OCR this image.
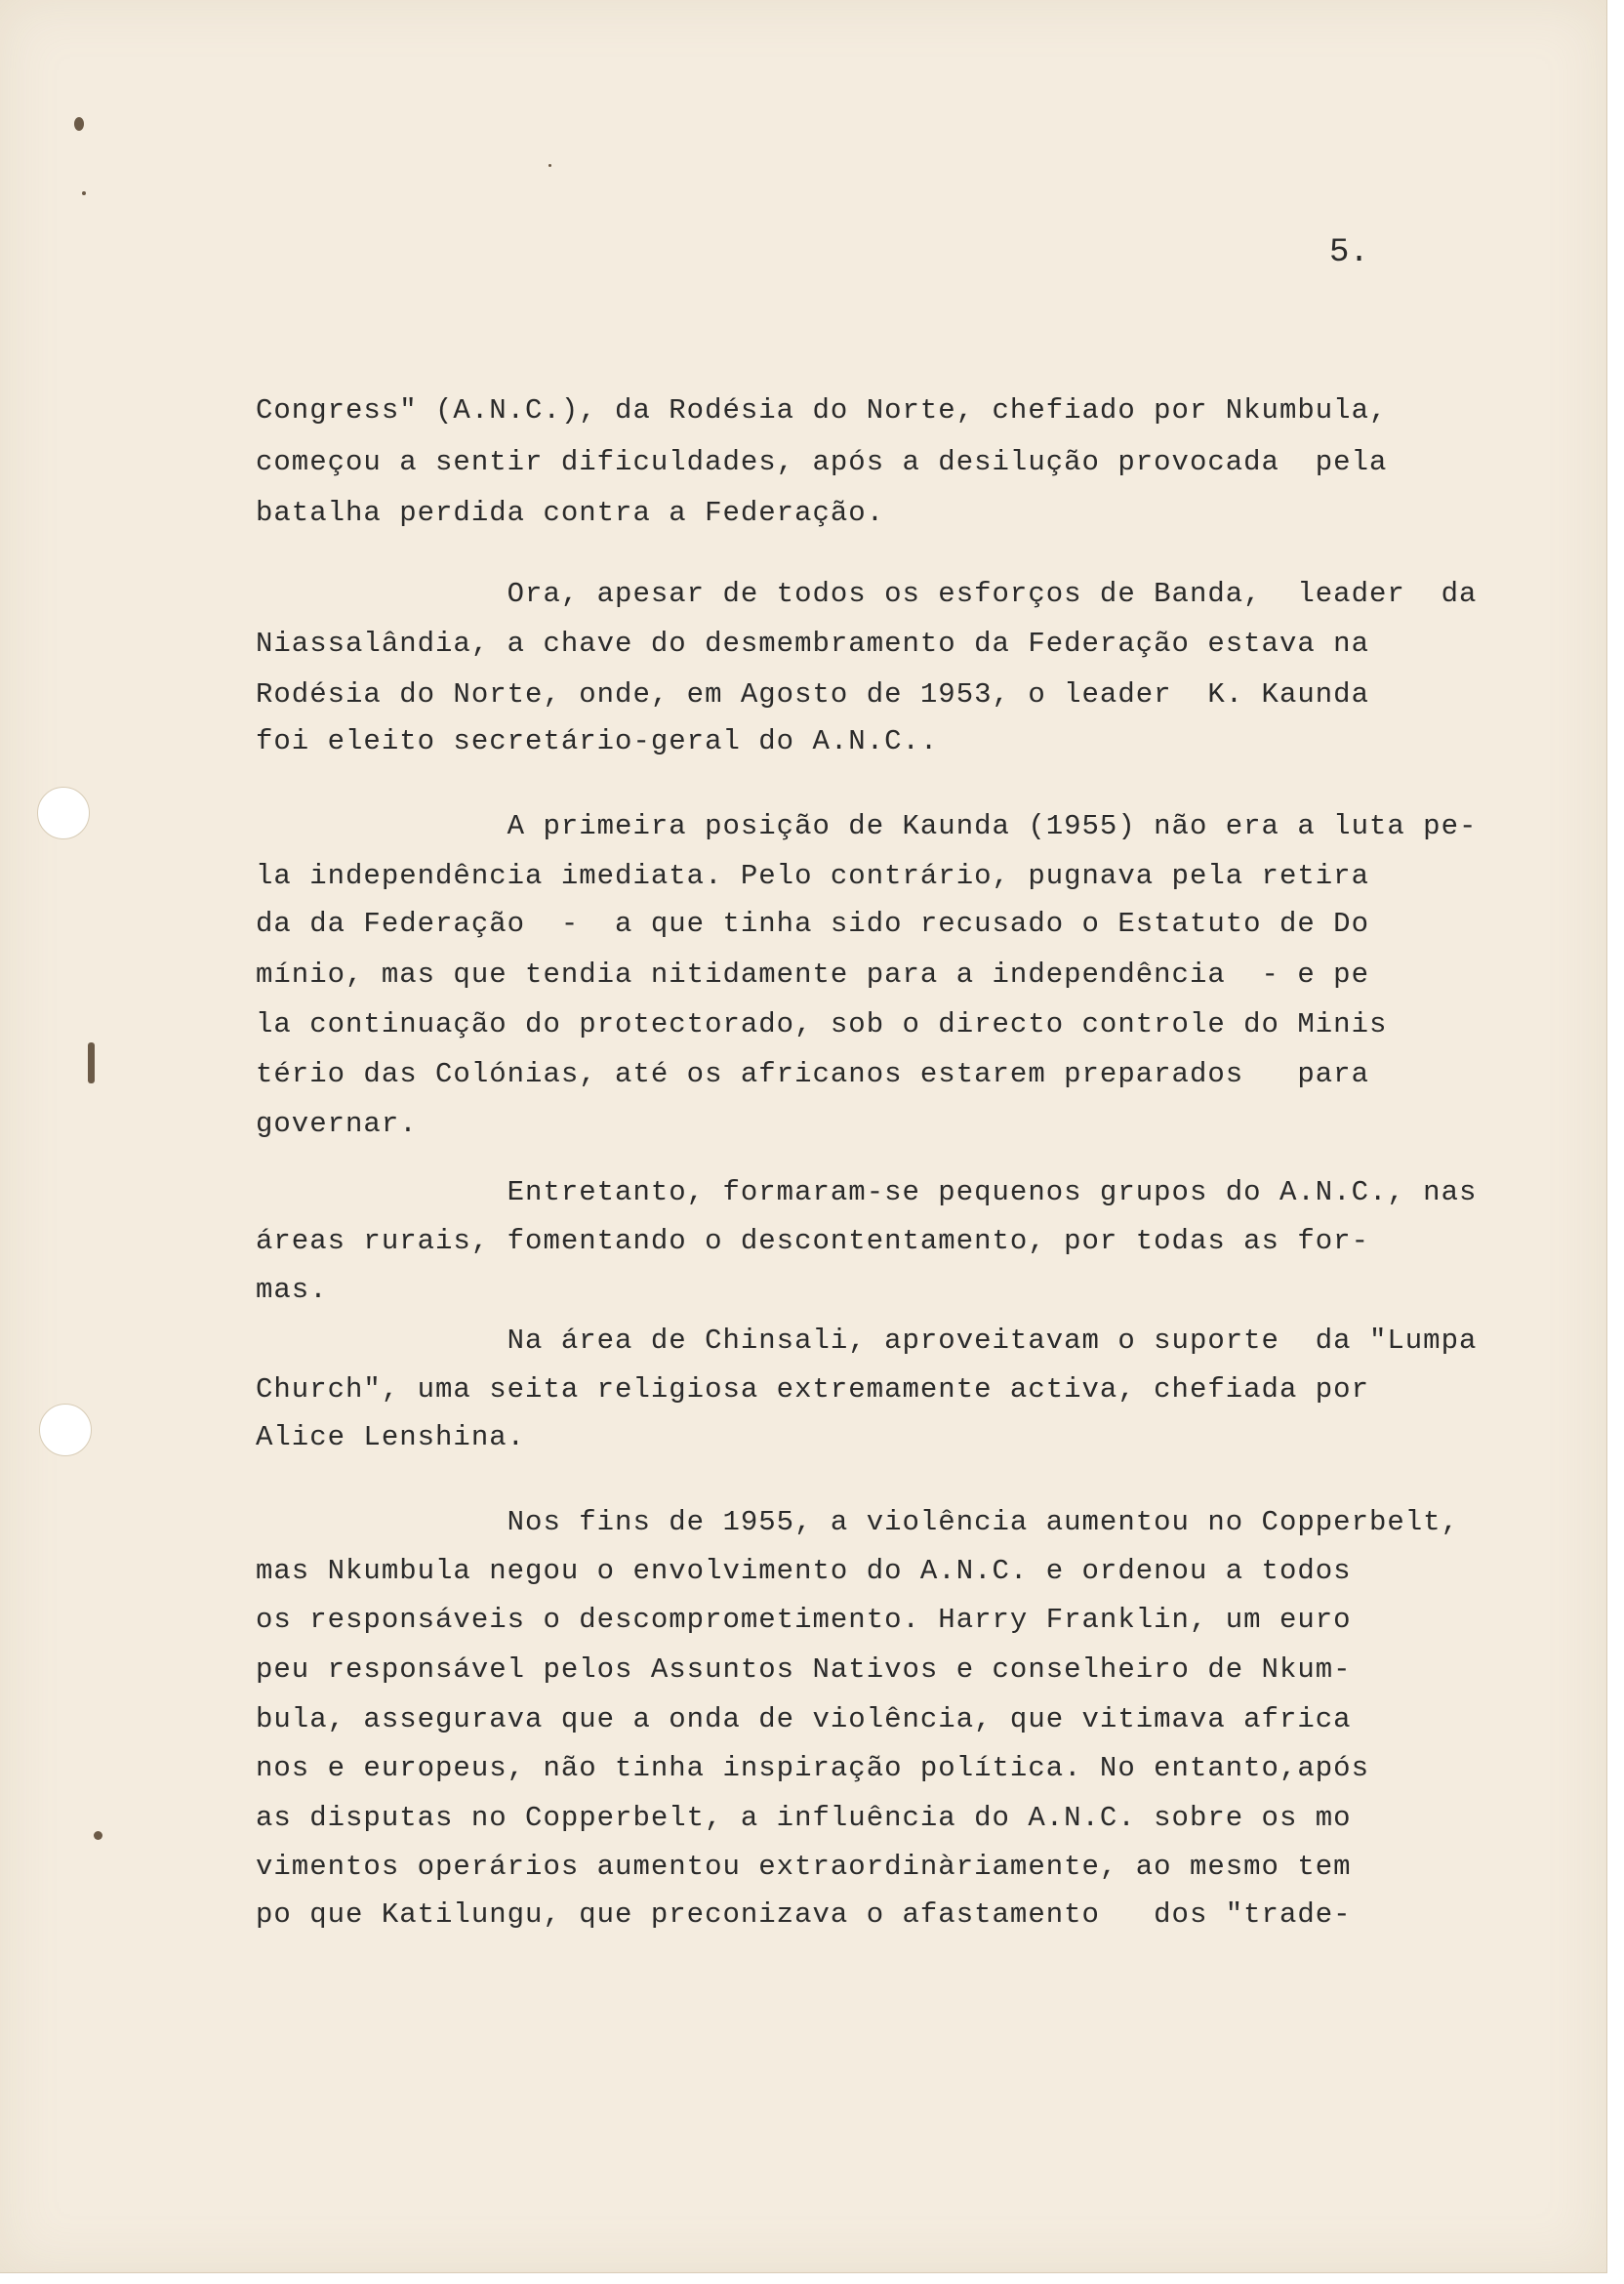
5.
Congress" (A.N.C.), da Rodésia do Norte, chefiado por Nkumbula,
começou a sentir dificuldades, após a desilução provocada  pela
batalha perdida contra a Federação.
Ora, apesar de todos os esforços de Banda,  leader  da
Niassalândia, a chave do desmembramento da Federação estava na
Rodésia do Norte, onde, em Agosto de 1953, o leader  K. Kaunda
foi eleito secretário-geral do A.N.C..
A primeira posição de Kaunda (1955) não era a luta pe-
la independência imediata. Pelo contrário, pugnava pela retira
da da Federação  -  a que tinha sido recusado o Estatuto de Do
mínio, mas que tendia nitidamente para a independência  - e pe
la continuação do protectorado, sob o directo controle do Minis
tério das Colónias, até os africanos estarem preparados   para
governar.
Entretanto, formaram-se pequenos grupos do A.N.C., nas
áreas rurais, fomentando o descontentamento, por todas as for-
mas.
Na área de Chinsali, aproveitavam o suporte  da "Lumpa
Church", uma seita religiosa extremamente activa, chefiada por
Alice Lenshina.
Nos fins de 1955, a violência aumentou no Copperbelt,
mas Nkumbula negou o envolvimento do A.N.C. e ordenou a todos
os responsáveis o descomprometimento. Harry Franklin, um euro
peu responsável pelos Assuntos Nativos e conselheiro de Nkum-
bula, assegurava que a onda de violência, que vitimava africa
nos e europeus, não tinha inspiração política. No entanto,após
as disputas no Copperbelt, a influência do A.N.C. sobre os mo
vimentos operários aumentou extraordinàriamente, ao mesmo tem
po que Katilungu, que preconizava o afastamento   dos "trade-
